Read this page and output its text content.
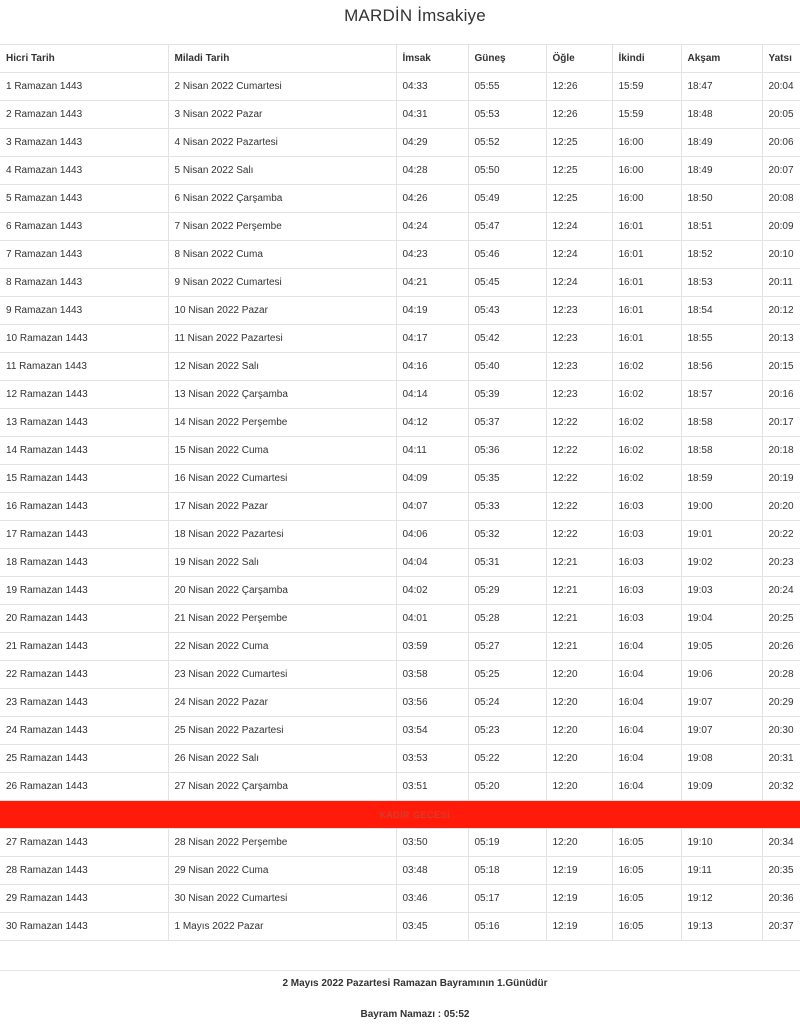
MARDİN İmsakiye
Hicri Tarih	Miladi Tarih	İmsak	Güneş	Öğle	İkindi	Akşam	Yatsı
1 Ramazan 1443	2 Nisan 2022 Cumartesi	04:33	05:55	12:26	15:59	18:47	20:04
2 Ramazan 1443	3 Nisan 2022 Pazar	04:31	05:53	12:26	15:59	18:48	20:05
3 Ramazan 1443	4 Nisan 2022 Pazartesi	04:29	05:52	12:25	16:00	18:49	20:06
4 Ramazan 1443	5 Nisan 2022 Salı	04:28	05:50	12:25	16:00	18:49	20:07
5 Ramazan 1443	6 Nisan 2022 Çarşamba	04:26	05:49	12:25	16:00	18:50	20:08
6 Ramazan 1443	7 Nisan 2022 Perşembe	04:24	05:47	12:24	16:01	18:51	20:09
7 Ramazan 1443	8 Nisan 2022 Cuma	04:23	05:46	12:24	16:01	18:52	20:10
8 Ramazan 1443	9 Nisan 2022 Cumartesi	04:21	05:45	12:24	16:01	18:53	20:11
9 Ramazan 1443	10 Nisan 2022 Pazar	04:19	05:43	12:23	16:01	18:54	20:12
10 Ramazan 1443	11 Nisan 2022 Pazartesi	04:17	05:42	12:23	16:01	18:55	20:13
11 Ramazan 1443	12 Nisan 2022 Salı	04:16	05:40	12:23	16:02	18:56	20:15
12 Ramazan 1443	13 Nisan 2022 Çarşamba	04:14	05:39	12:23	16:02	18:57	20:16
13 Ramazan 1443	14 Nisan 2022 Perşembe	04:12	05:37	12:22	16:02	18:58	20:17
14 Ramazan 1443	15 Nisan 2022 Cuma	04:11	05:36	12:22	16:02	18:58	20:18
15 Ramazan 1443	16 Nisan 2022 Cumartesi	04:09	05:35	12:22	16:02	18:59	20:19
16 Ramazan 1443	17 Nisan 2022 Pazar	04:07	05:33	12:22	16:03	19:00	20:20
17 Ramazan 1443	18 Nisan 2022 Pazartesi	04:06	05:32	12:22	16:03	19:01	20:22
18 Ramazan 1443	19 Nisan 2022 Salı	04:04	05:31	12:21	16:03	19:02	20:23
19 Ramazan 1443	20 Nisan 2022 Çarşamba	04:02	05:29	12:21	16:03	19:03	20:24
20 Ramazan 1443	21 Nisan 2022 Perşembe	04:01	05:28	12:21	16:03	19:04	20:25
21 Ramazan 1443	22 Nisan 2022 Cuma	03:59	05:27	12:21	16:04	19:05	20:26
22 Ramazan 1443	23 Nisan 2022 Cumartesi	03:58	05:25	12:20	16:04	19:06	20:28
23 Ramazan 1443	24 Nisan 2022 Pazar	03:56	05:24	12:20	16:04	19:07	20:29
24 Ramazan 1443	25 Nisan 2022 Pazartesi	03:54	05:23	12:20	16:04	19:07	20:30
25 Ramazan 1443	26 Nisan 2022 Salı	03:53	05:22	12:20	16:04	19:08	20:31
26 Ramazan 1443	27 Nisan 2022 Çarşamba	03:51	05:20	12:20	16:04	19:09	20:32
KADİR GECESİ							
27 Ramazan 1443	28 Nisan 2022 Perşembe	03:50	05:19	12:20	16:05	19:10	20:34
28 Ramazan 1443	29 Nisan 2022 Cuma	03:48	05:18	12:19	16:05	19:11	20:35
29 Ramazan 1443	30 Nisan 2022 Cumartesi	03:46	05:17	12:19	16:05	19:12	20:36
30 Ramazan 1443	1 Mayıs 2022 Pazar	03:45	05:16	12:19	16:05	19:13	20:37
2 Mayıs 2022 Pazartesi Ramazan Bayramının 1.Günüdür
Bayram Namazı : 05:52
